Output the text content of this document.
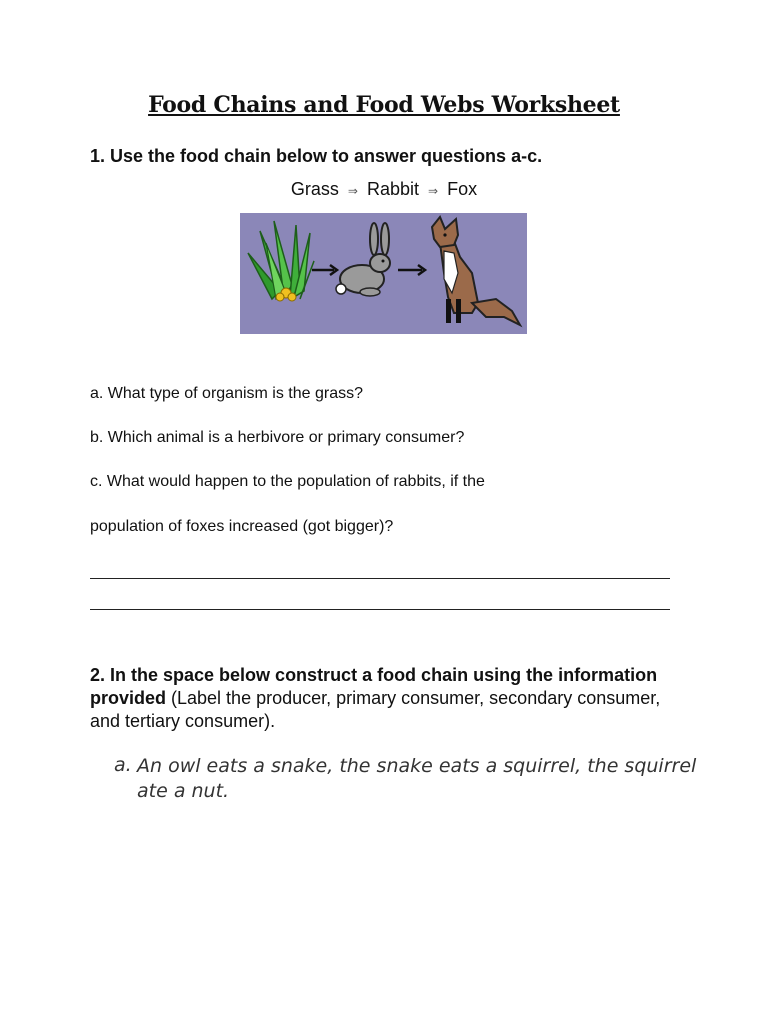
Food Chains and Food Webs Worksheet
1. Use the food chain below to answer questions a-c.
Grass ⇒ Rabbit ⇒ Fox
a. What type of organism is the grass?
b. Which animal is a herbivore or primary consumer?
c. What would happen to the population of rabbits, if the
population of foxes increased (got bigger)?
2. In the space below construct a food chain using the information provided (Label the producer, primary consumer, secondary consumer, and tertiary consumer).
a. An owl eats a snake, the snake eats a squirrel, the squirrel ate a nut.
